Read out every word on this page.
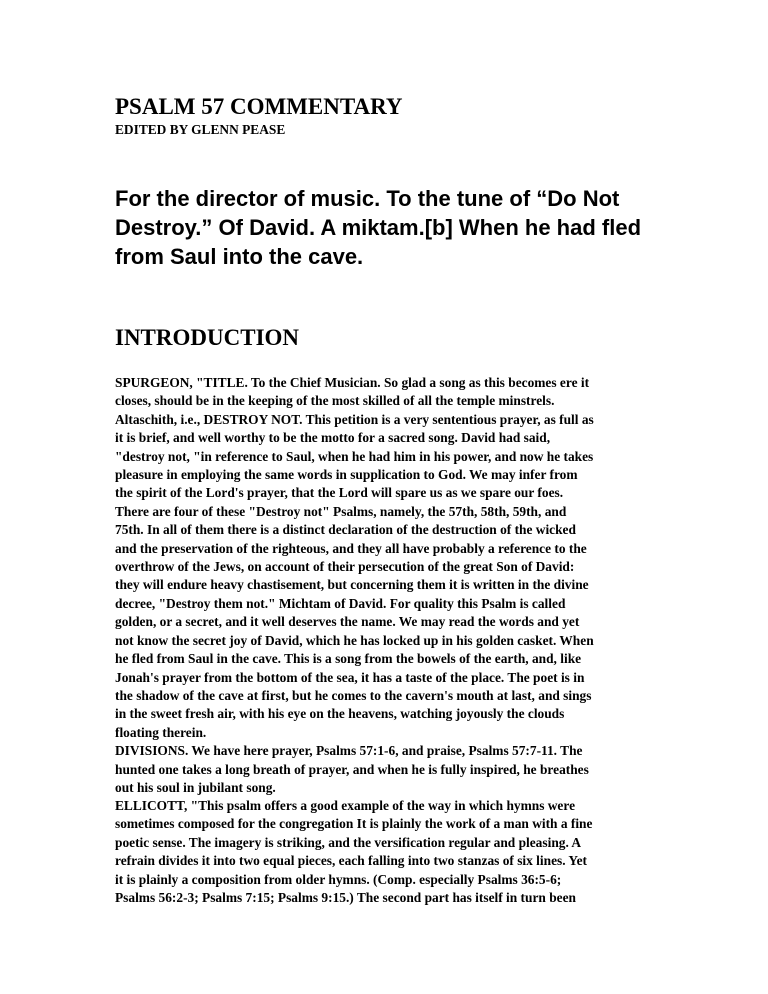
PSALM 57 COMMENTARY
EDITED BY GLENN PEASE
For the director of music. To the tune of “Do Not Destroy.” Of David. A miktam.[b] When he had fled from Saul into the cave.
INTRODUCTION

SPURGEON, "TITLE. To the Chief Musician. So glad a song as this becomes ere it
closes, should be in the keeping of the most skilled of all the temple minstrels.
Altaschith, i.e., DESTROY NOT. This petition is a very sententious prayer, as full as
it is brief, and well worthy to be the motto for a sacred song. David had said,
"destroy not, "in reference to Saul, when he had him in his power, and now he takes
pleasure in employing the same words in supplication to God. We may infer from
the spirit of the Lord's prayer, that the Lord will spare us as we spare our foes.
There are four of these "Destroy not" Psalms, namely, the 57th, 58th, 59th, and
75th. In all of them there is a distinct declaration of the destruction of the wicked
and the preservation of the righteous, and they all have probably a reference to the
overthrow of the Jews, on account of their persecution of the great Son of David:
they will endure heavy chastisement, but concerning them it is written in the divine
decree, "Destroy them not." Michtam of David. For quality this Psalm is called
golden, or a secret, and it well deserves the name. We may read the words and yet
not know the secret joy of David, which he has locked up in his golden casket. When
he fled from Saul in the cave. This is a song from the bowels of the earth, and, like
Jonah's prayer from the bottom of the sea, it has a taste of the place. The poet is in
the shadow of the cave at first, but he comes to the cavern's mouth at last, and sings
in the sweet fresh air, with his eye on the heavens, watching joyously the clouds
floating therein.
DIVISIONS. We have here prayer, Psalms 57:1-6, and praise, Psalms 57:7-11. The
hunted one takes a long breath of prayer, and when he is fully inspired, he breathes
out his soul in jubilant song.

ELLICOTT, "This psalm offers a good example of the way in which hymns were
sometimes composed for the congregation It is plainly the work of a man with a fine
poetic sense. The imagery is striking, and the versification regular and pleasing. A
refrain divides it into two equal pieces, each falling into two stanzas of six lines. Yet
it is plainly a composition from older hymns. (Comp. especially Psalms 36:5-6;
Psalms 56:2-3; Psalms 7:15; Psalms 9:15.) The second part has itself in turn been
